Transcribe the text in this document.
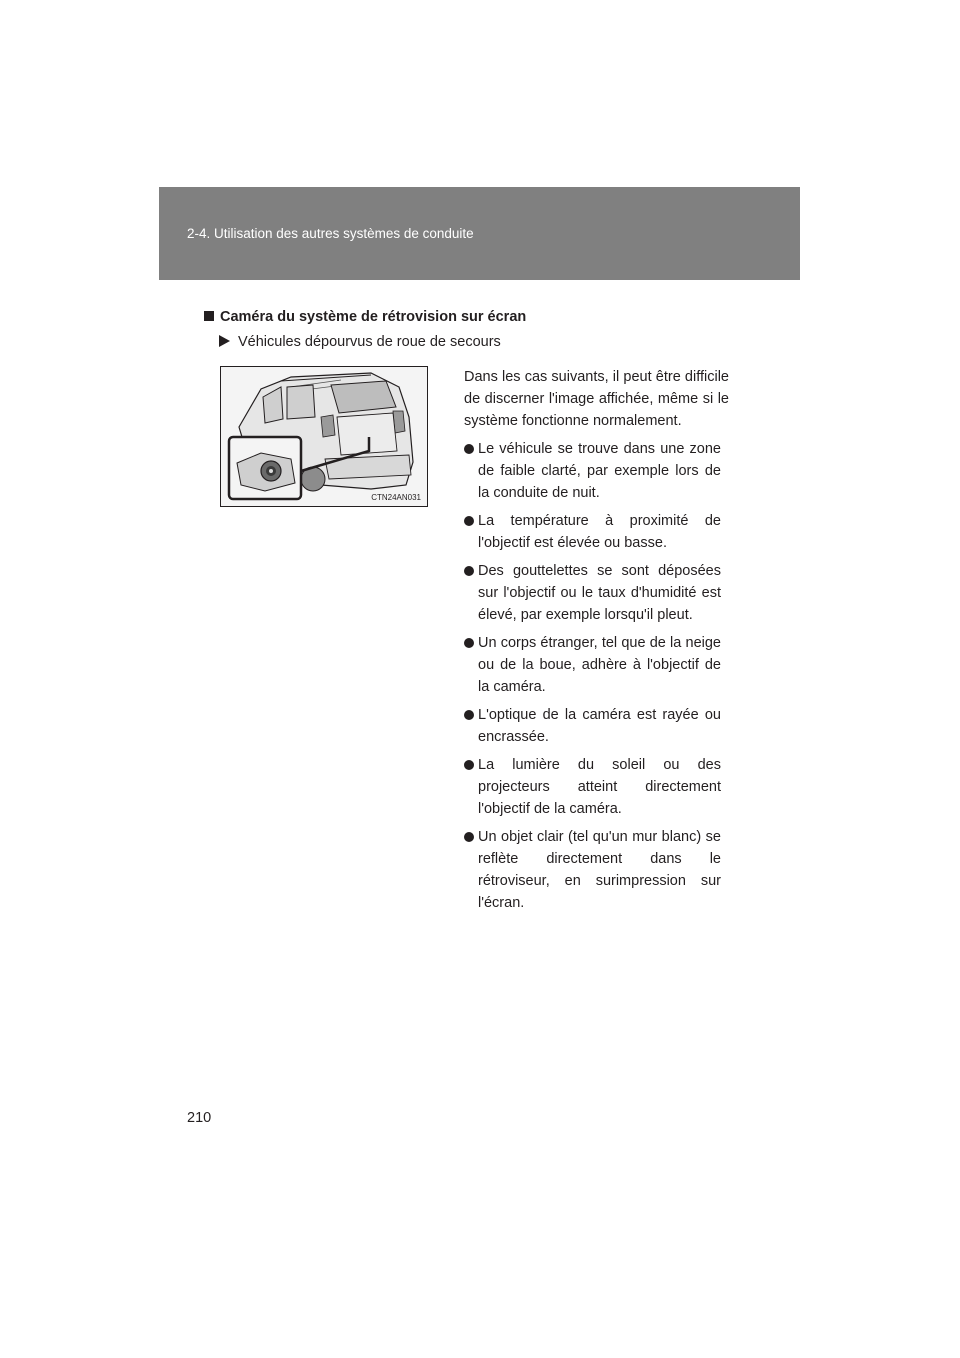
2-4. Utilisation des autres systèmes de conduite
Caméra du système de rétrovision sur écran
Véhicules dépourvus de roue de secours
CTN24AN031

Dans les cas suivants, il peut être difficile de discerner l'image affichée, même si le système fonctionne normalement.

Le véhicule se trouve dans une zone de faible clarté, par exemple lors de la conduite de nuit.
La température à proximité de l'objectif est élevée ou basse.
Des gouttelettes se sont déposées sur l'objectif ou le taux d'humidité est élevé, par exemple lorsqu'il pleut.
Un corps étranger, tel que de la neige ou de la boue, adhère à l'objectif de la caméra.
L'optique de la caméra est rayée ou encrassée.
La lumière du soleil ou des projecteurs atteint directement l'objectif de la caméra.
Un objet clair (tel qu'un mur blanc) se reflète directement dans le rétroviseur, en surimpression sur l'écran.
210
